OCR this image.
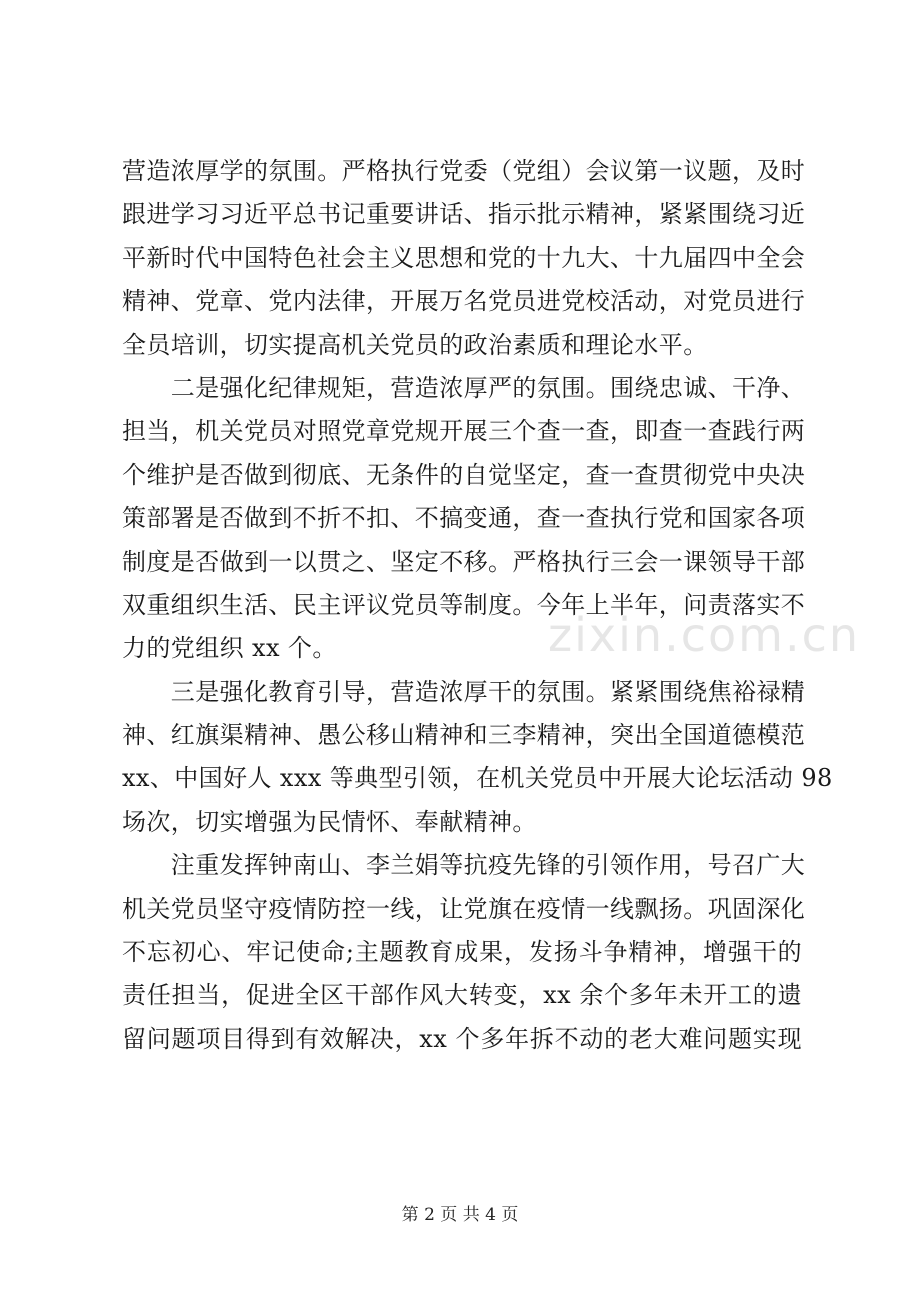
zixin.com.cn
营造浓厚学的氛围。严格执行党委（党组）会议第一议题，及时
跟进学习习近平总书记重要讲话、指示批示精神，紧紧围绕习近
平新时代中国特色社会主义思想和党的十九大、十九届四中全会
精神、党章、党内法律，开展万名党员进党校活动，对党员进行
全员培训，切实提高机关党员的政治素质和理论水平。
　　二是强化纪律规矩，营造浓厚严的氛围。围绕忠诚、干净、
担当，机关党员对照党章党规开展三个查一查，即查一查践行两
个维护是否做到彻底、无条件的自觉坚定，查一查贯彻党中央决
策部署是否做到不折不扣、不搞变通，查一查执行党和国家各项
制度是否做到一以贯之、坚定不移。严格执行三会一课领导干部
双重组织生活、民主评议党员等制度。今年上半年，问责落实不
力的党组织 xx 个。
　　三是强化教育引导，营造浓厚干的氛围。紧紧围绕焦裕禄精
神、红旗渠精神、愚公移山精神和三李精神，突出全国道德模范
xx、中国好人 xxx 等典型引领，在机关党员中开展大论坛活动 98
场次，切实增强为民情怀、奉献精神。
　　注重发挥钟南山、李兰娟等抗疫先锋的引领作用，号召广大
机关党员坚守疫情防控一线，让党旗在疫情一线飘扬。巩固深化
不忘初心、牢记使命;主题教育成果，发扬斗争精神，增强干的
责任担当，促进全区干部作风大转变，xx 余个多年未开工的遗
留问题项目得到有效解决，xx 个多年拆不动的老大难问题实现
第 2 页 共 4 页
